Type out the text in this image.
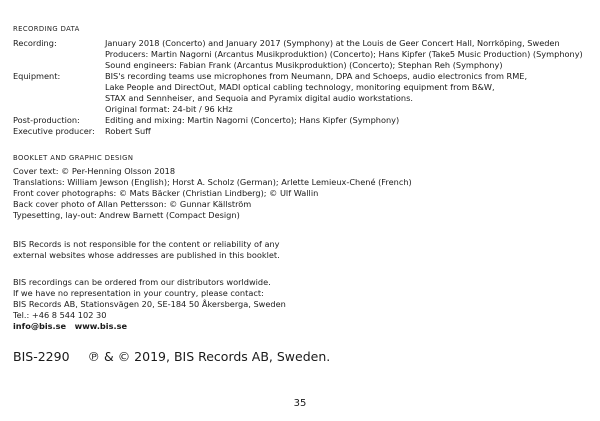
RECORDING DATA
Recording:	January 2018 (Concerto) and January 2017 (Symphony) at the Louis de Geer Concert Hall, Norrköping, Sweden
Producers: Martin Nagorni (Arcantus Musikproduktion) (Concerto); Hans Kipfer (Take5 Music Production) (Symphony)
Sound engineers: Fabian Frank (Arcantus Musikproduktion) (Concerto); Stephan Reh (Symphony)
Equipment:	BIS's recording teams use microphones from Neumann, DPA and Schoeps, audio electronics from RME,
Lake People and DirectOut, MADI optical cabling technology, monitoring equipment from B&W,
STAX and Sennheiser, and Sequoia and Pyramix digital audio workstations.
Original format: 24-bit / 96 kHz
Post-production:	Editing and mixing: Martin Nagorni (Concerto); Hans Kipfer (Symphony)
Executive producer: Robert Suff
BOOKLET AND GRAPHIC DESIGN
Cover text: © Per-Henning Olsson 2018
Translations: William Jewson (English); Horst A. Scholz (German); Arlette Lemieux-Chené (French)
Front cover photographs: © Mats Bäcker (Christian Lindberg); © Ulf Wallin
Back cover photo of Allan Pettersson: © Gunnar Källström
Typesetting, lay-out: Andrew Barnett (Compact Design)
BIS Records is not responsible for the content or reliability of any
external websites whose addresses are published in this booklet.
BIS recordings can be ordered from our distributors worldwide.
If we have no representation in your country, please contact:
BIS Records AB, Stationsvägen 20, SE-184 50 Åkersberga, Sweden
Tel.: +46 8 544 102 30
info@bis.se www.bis.se
BIS-2290 ℗ & © 2019, BIS Records AB, Sweden.
35
